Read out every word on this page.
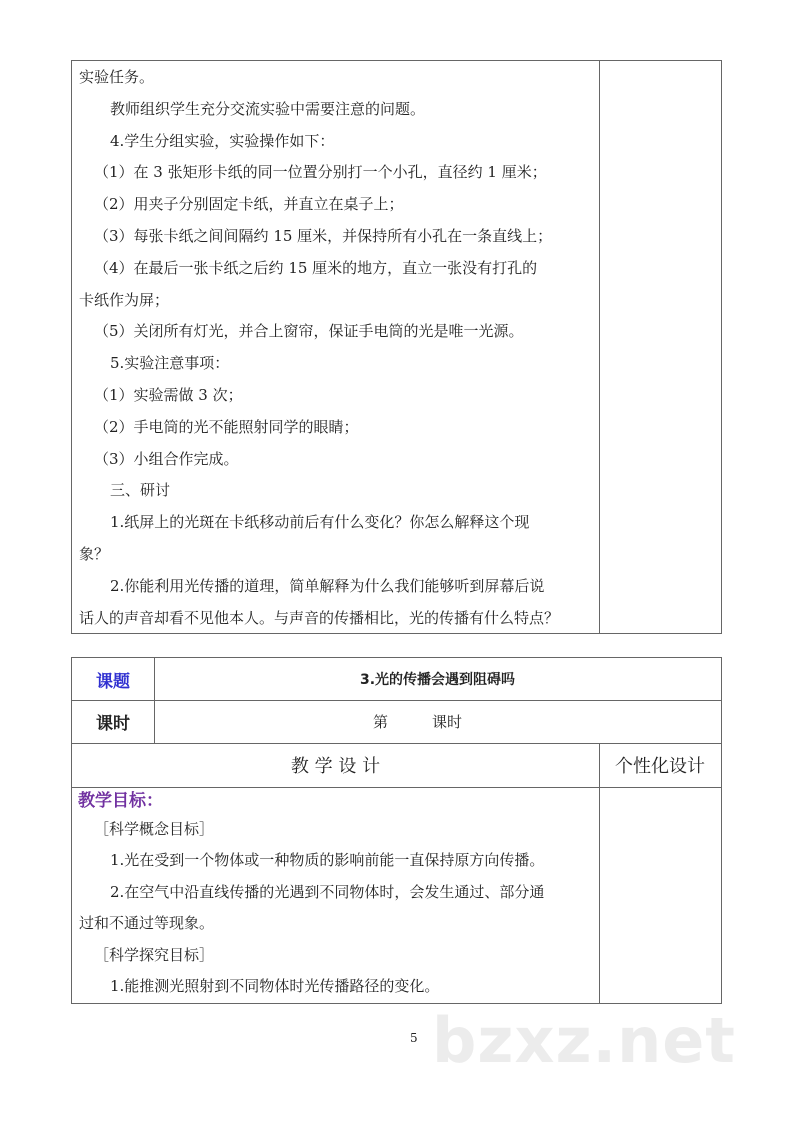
实验任务。
教师组织学生充分交流实验中需要注意的问题。
4.学生分组实验，实验操作如下：
（1）在 3 张矩形卡纸的同一位置分别打一个小孔，直径约 1 厘米；
（2）用夹子分别固定卡纸，并直立在桌子上；
（3）每张卡纸之间间隔约 15 厘米，并保持所有小孔在一条直线上；
（4）在最后一张卡纸之后约 15 厘米的地方，直立一张没有打孔的
卡纸作为屏；
（5）关闭所有灯光，并合上窗帘，保证手电筒的光是唯一光源。
5.实验注意事项：
（1）实验需做 3 次；
（2）手电筒的光不能照射同学的眼睛；
（3）小组合作完成。
三、研讨
1.纸屏上的光斑在卡纸移动前后有什么变化？你怎么解释这个现
象？
2.你能利用光传播的道理，简单解释为什么我们能够听到屏幕后说
话人的声音却看不见他本人。与声音的传播相比，光的传播有什么特点？
课题	3.光的传播会遇到阻碍吗
课时	第	课时
教 学 设 计	个性化设计
教学目标：
［科学概念目标］
1.光在受到一个物体或一种物质的影响前能一直保持原方向传播。
2.在空气中沿直线传播的光遇到不同物体时，会发生通过、部分通
过和不通过等现象。
［科学探究目标］
1.能推测光照射到不同物体时光传播路径的变化。
5 bzxz.net
